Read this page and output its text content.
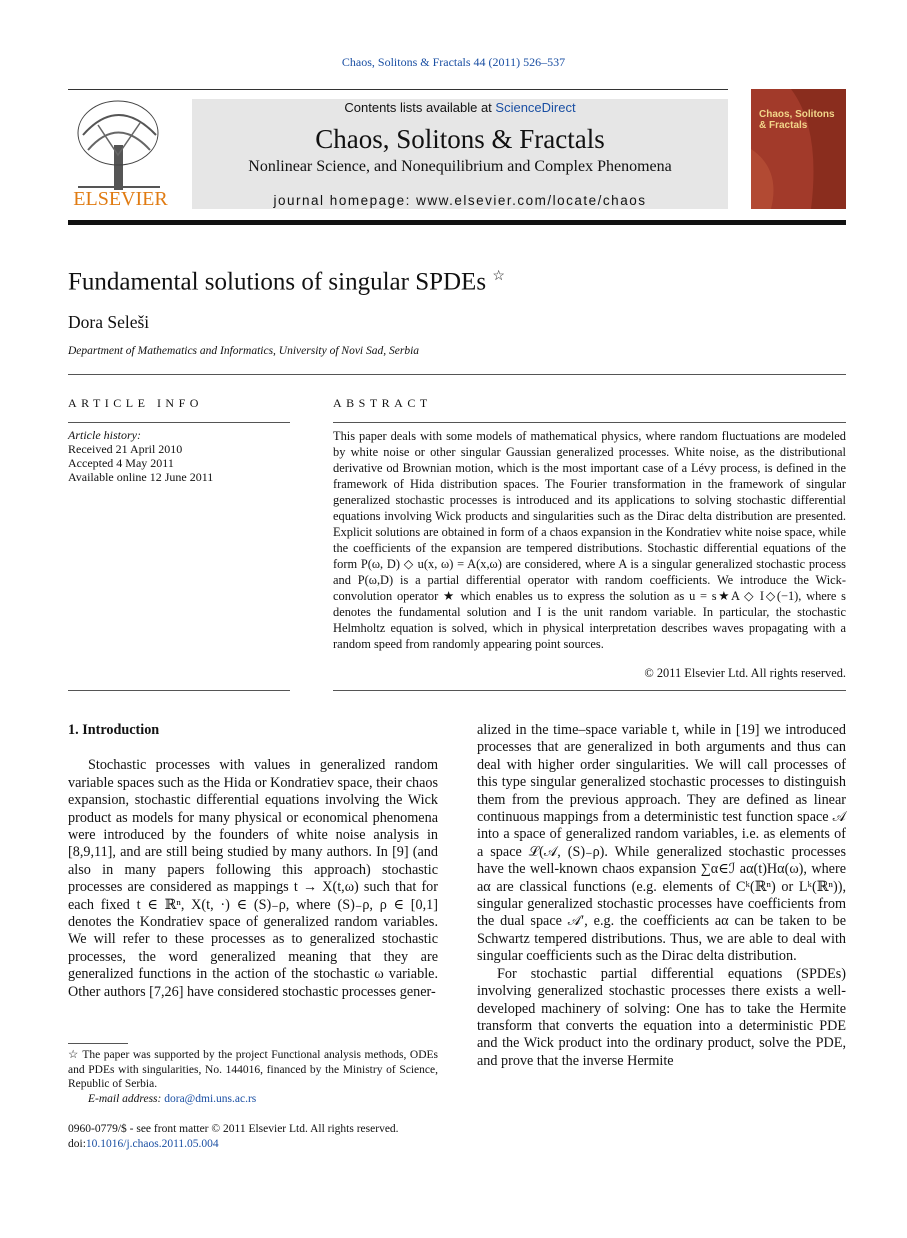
Chaos, Solitons & Fractals 44 (2011) 526–537
ELSEVIER
Contents lists available at ScienceDirect
Chaos, Solitons & Fractals
Nonlinear Science, and Nonequilibrium and Complex Phenomena
journal homepage: www.elsevier.com/locate/chaos
Chaos, Solitons & Fractals
Fundamental solutions of singular SPDEs ☆
Dora Seleši
Department of Mathematics and Informatics, University of Novi Sad, Serbia
ARTICLE INFO
Article history:
Received 21 April 2010
Accepted 4 May 2011
Available online 12 June 2011
ABSTRACT
This paper deals with some models of mathematical physics, where random fluctuations are modeled by white noise or other singular Gaussian generalized processes. White noise, as the distributional derivative od Brownian motion, which is the most important case of a Lévy process, is defined in the framework of Hida distribution spaces. The Fourier transformation in the framework of singular generalized stochastic processes is introduced and its applications to solving stochastic differential equations involving Wick products and singularities such as the Dirac delta distribution are presented. Explicit solutions are obtained in form of a chaos expansion in the Kondratiev white noise space, while the coefficients of the expansion are tempered distributions. Stochastic differential equations of the form P(ω, D) ◇ u(x, ω) = A(x,ω) are considered, where A is a singular generalized stochastic process and P(ω,D) is a partial differential operator with random coefficients. We introduce the Wick-convolution operator ★ which enables us to express the solution as u = s★A ◇ I◇(−1), where s denotes the fundamental solution and I is the unit random variable. In particular, the stochastic Helmholtz equation is solved, which in physical interpretation describes waves propagating with a random speed from randomly appearing point sources.
© 2011 Elsevier Ltd. All rights reserved.

1. Introduction

Stochastic processes with values in generalized random variable spaces such as the Hida or Kondratiev space, their chaos expansion, stochastic differential equations involving the Wick product as models for many physical or economical phenomena were introduced by the founders of white noise analysis in [8,9,11], and are still being studied by many authors. In [9] (and also in many papers following this approach) stochastic processes are considered as mappings t → X(t,ω) such that for each fixed t ∈ ℝⁿ, X(t, ·) ∈ (S)₋ρ, where (S)₋ρ, ρ ∈ [0,1] denotes the Kondratiev space of generalized random variables. We will refer to these processes as to generalized stochastic processes, the word generalized meaning that they are generalized functions in the action of the stochastic ω variable. Other authors [7,26] have considered stochastic processes gener-

alized in the time–space variable t, while in [19] we introduced processes that are generalized in both arguments and thus can deal with higher order singularities. We will call processes of this type singular generalized stochastic processes to distinguish them from the previous approach. They are defined as linear continuous mappings from a deterministic test function space 𝒜 into a space of generalized random variables, i.e. as elements of a space ℒ(𝒜, (S)₋ρ). While generalized stochastic processes have the well-known chaos expansion ∑α∈ℐ aα(t)Hα(ω), where aα are classical functions (e.g. elements of Cᵏ(ℝⁿ) or Lᵏ(ℝⁿ)), singular generalized stochastic processes have coefficients from the dual space 𝒜′, e.g. the coefficients aα can be taken to be Schwartz tempered distributions. Thus, we are able to deal with singular coefficients such as the Dirac delta distribution.

For stochastic partial differential equations (SPDEs) involving generalized stochastic processes there exists a well-developed machinery of solving: One has to take the Hermite transform that converts the equation into a deterministic PDE and the Wick product into the ordinary product, solve the PDE, and prove that the inverse Hermite

☆ The paper was supported by the project Functional analysis methods, ODEs and PDEs with singularities, No. 144016, financed by the Ministry of Science, Republic of Serbia.
E-mail address: dora@dmi.uns.ac.rs
0960-0779/$ - see front matter © 2011 Elsevier Ltd. All rights reserved.
doi:10.1016/j.chaos.2011.05.004
